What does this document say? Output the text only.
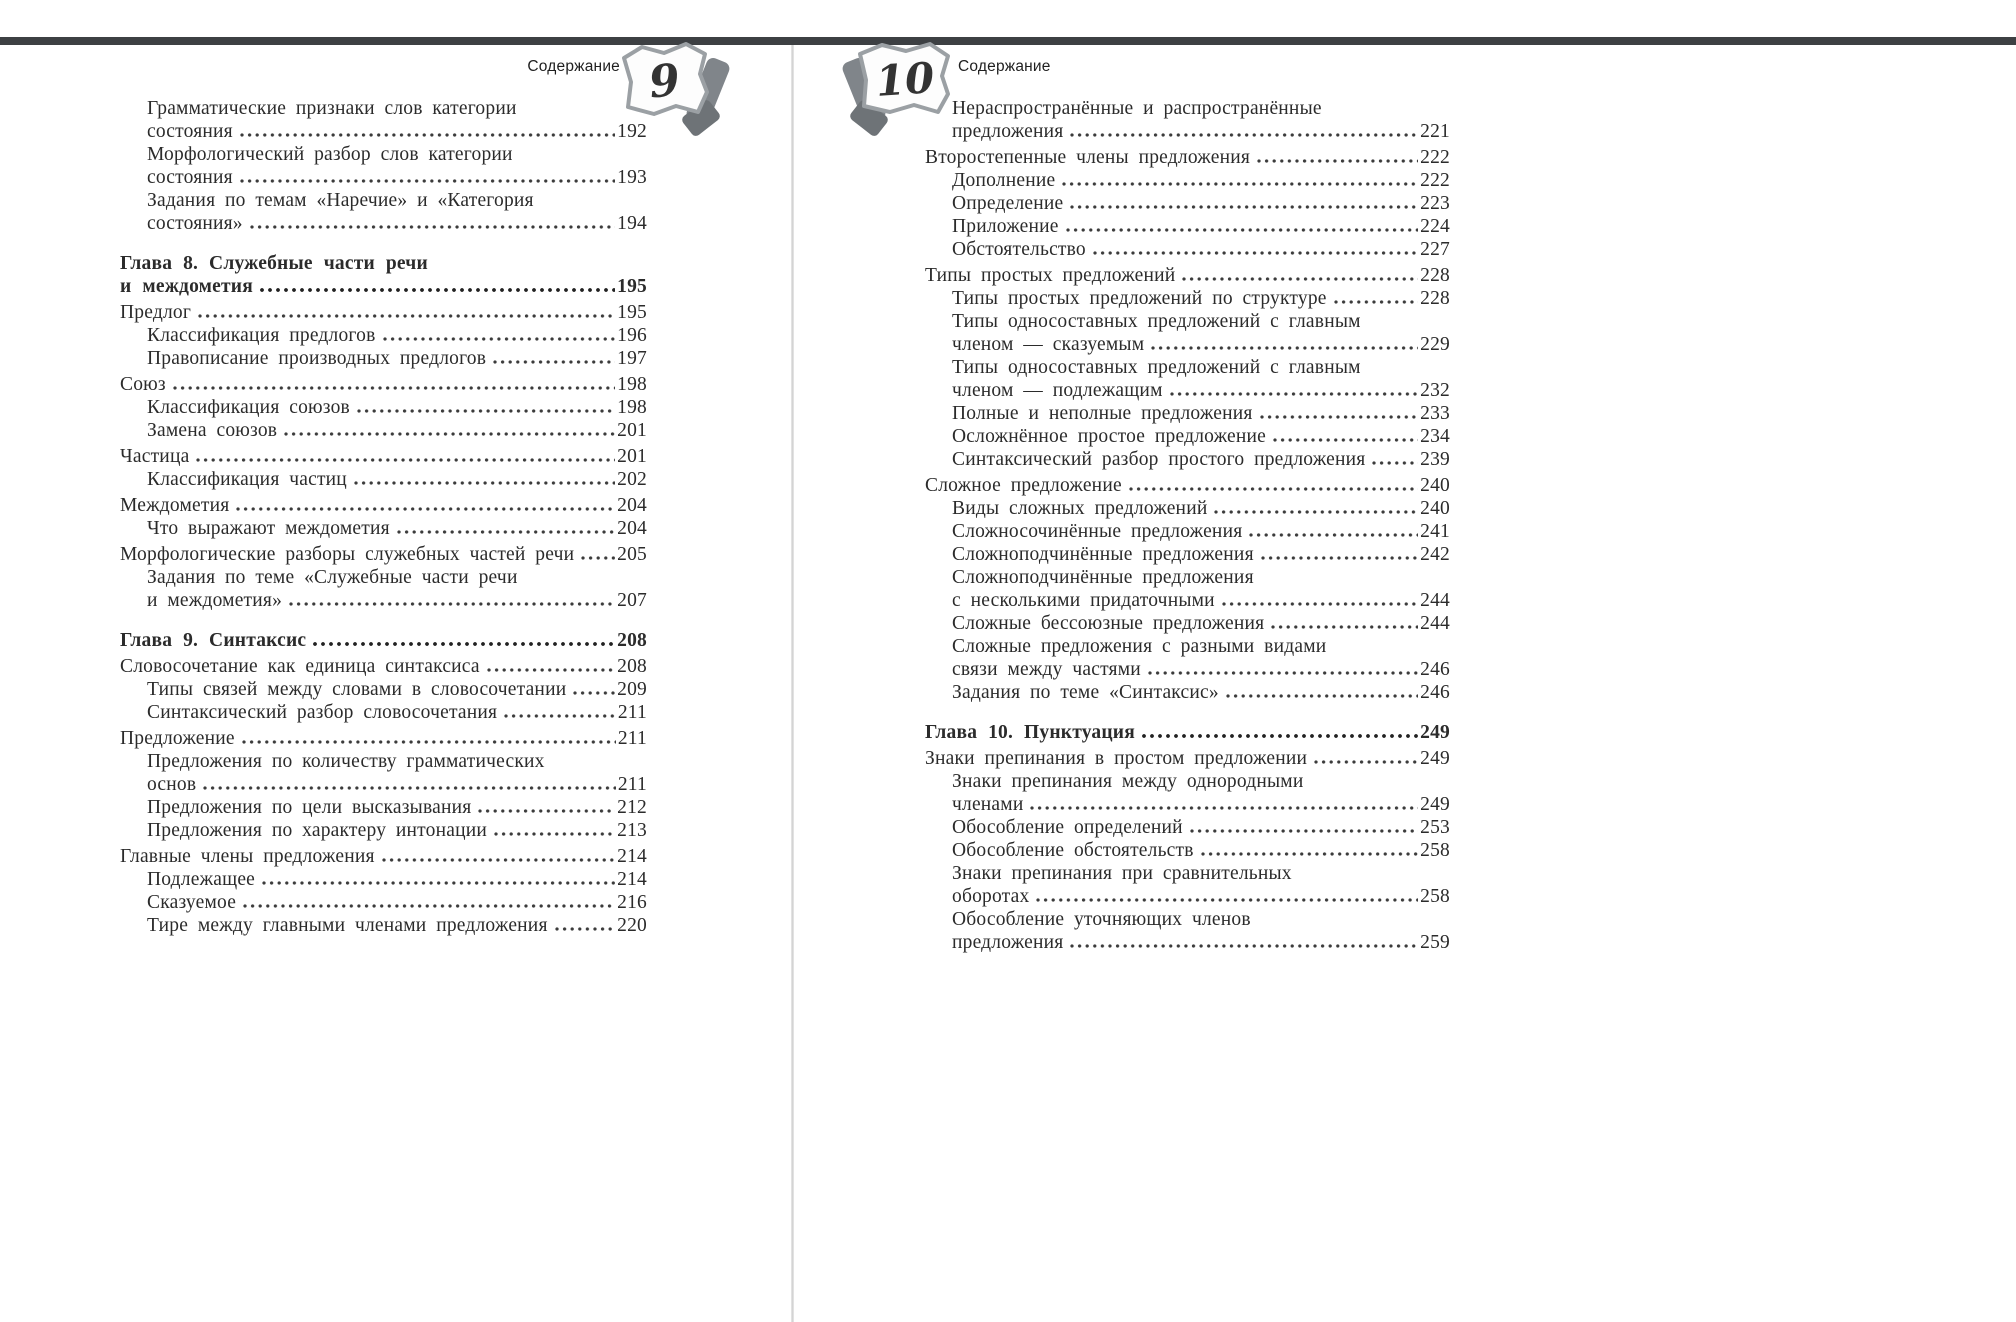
Содержание	Содержание
9	10
Грамматические признаки слов категории
состояния	192
Морфологический разбор слов категории
состояния	193
Задания по темам «Наречие» и «Категория
состояния»	194
Глава 8. Служебные части речи
и междометия	195
Предлог	195
Классификация предлогов	196
Правописание производных предлогов	197
Союз	198
Классификация союзов	198
Замена союзов	201
Частица	201
Классификация частиц	202
Междометия	204
Что выражают междометия	204
Морфологические разборы служебных частей речи 205
Задания по теме «Служебные части речи
и междометия»	207
Глава 9. Синтаксис	208
Словосочетание как единица синтаксиса	208
Типы связей между словами в словосочетании	209
Синтаксический разбор словосочетания	211
Предложение	211
Предложения по количеству грамматических
основ	211
Предложения по цели высказывания	212
Предложения по характеру интонации	213
Главные члены предложения	214
Подлежащее	214
Сказуемое	216
Тире между главными членами предложения	220
Нераспространённые и распространённые
предложения	221
Второстепенные члены предложения	222
Дополнение	222
Определение	223
Приложение	224
Обстоятельство	227
Типы простых предложений	228
Типы простых предложений по структуре	228
Типы односоставных предложений с главным
членом — сказуемым	229
Типы односоставных предложений с главным
членом — подлежащим	232
Полные и неполные предложения	233
Осложнённое простое предложение	234
Синтаксический разбор простого предложения	239
Сложное предложение	240
Виды сложных предложений	240
Сложносочинённые предложения	241
Сложноподчинённые предложения	242
Сложноподчинённые предложения
с несколькими придаточными	244
Сложные бессоюзные предложения	244
Сложные предложения с разными видами
связи между частями	246
Задания по теме «Синтаксис»	246
Глава 10. Пунктуация	249
Знаки препинания в простом предложении	249
Знаки препинания между однородными
членами	249
Обособление определений	253
Обособление обстоятельств	258
Знаки препинания при сравнительных
оборотах	258
Обособление уточняющих членов
предложения	259
